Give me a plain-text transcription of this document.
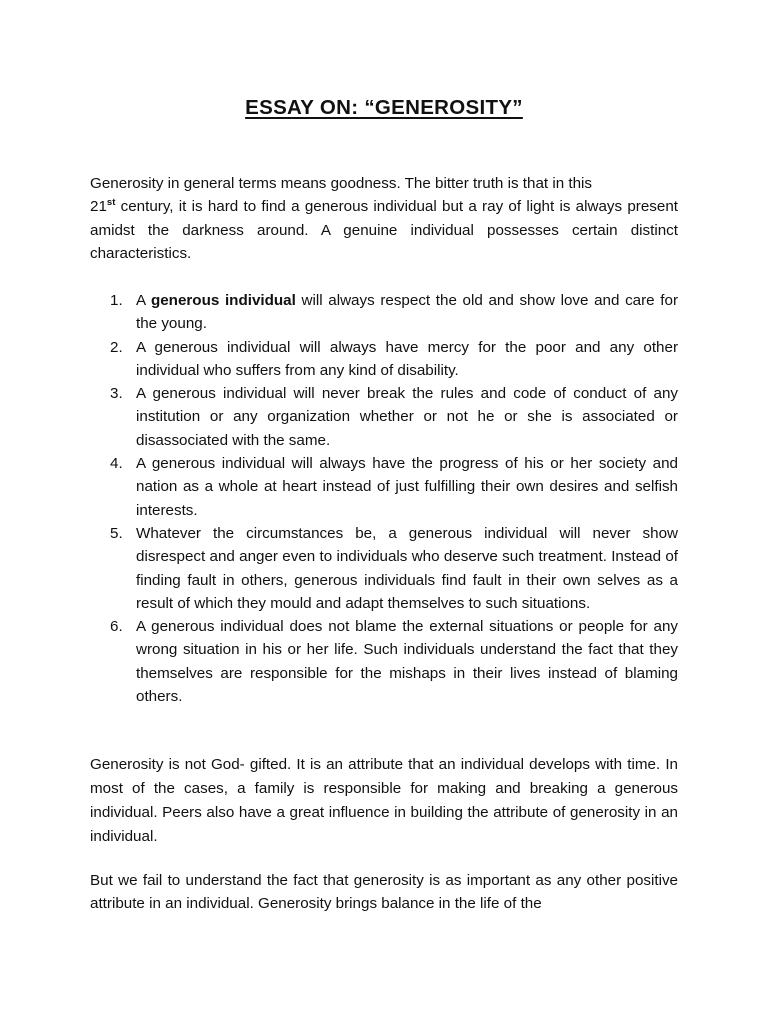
ESSAY ON: “GENEROSITY”

Generosity in general terms means goodness. The bitter truth is that in this
21st century, it is hard to find a generous individual but a ray of light is always present amidst the darkness around. A genuine individual possesses certain distinct characteristics.

1. A generous individual will always respect the old and show love and care for the young.
2. A generous individual will always have mercy for the poor and any other individual who suffers from any kind of disability.
3. A generous individual will never break the rules and code of conduct of any institution or any organization whether or not he or she is associated or disassociated with the same.
4. A generous individual will always have the progress of his or her society and nation as a whole at heart instead of just fulfilling their own desires and selfish interests.
5. Whatever the circumstances be, a generous individual will never show disrespect and anger even to individuals who deserve such treatment. Instead of finding fault in others, generous individuals find fault in their own selves as a result of which they mould and adapt themselves to such situations.
6. A generous individual does not blame the external situations or people for any wrong situation in his or her life. Such individuals understand the fact that they themselves are responsible for the mishaps in their lives instead of blaming others.

Generosity is not God- gifted. It is an attribute that an individual develops with time. In most of the cases, a family is responsible for making and breaking a generous individual. Peers also have a great influence in building the attribute of generosity in an individual.

But we fail to understand the fact that generosity is as important as any other positive attribute in an individual. Generosity brings balance in the life of the
